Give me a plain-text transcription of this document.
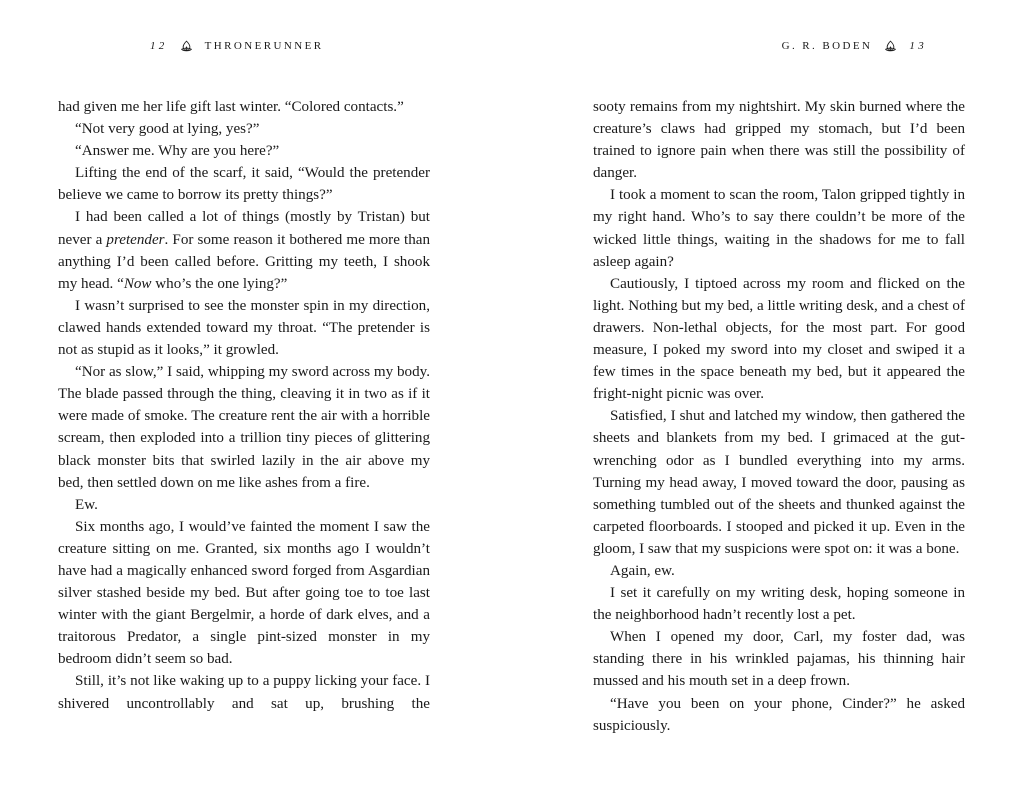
12	THRONERUNNER

had given me her life gift last winter. “Colored contacts.”

“Not very good at lying, yes?”

“Answer me. Why are you here?”

Lifting the end of the scarf, it said, “Would the pretender believe we came to borrow its pretty things?”

I had been called a lot of things (mostly by Tristan) but never a pretender. For some reason it bothered me more than anything I’d been called before. Gritting my teeth, I shook my head. “Now who’s the one lying?”

I wasn’t surprised to see the monster spin in my direction, clawed hands extended toward my throat. “The pretender is not as stupid as it looks,” it growled.

“Nor as slow,” I said, whipping my sword across my body. The blade passed through the thing, cleaving it in two as if it were made of smoke. The creature rent the air with a horrible scream, then exploded into a trillion tiny pieces of glittering black monster bits that swirled lazily in the air above my bed, then settled down on me like ashes from a fire.

Ew.

Six months ago, I would’ve fainted the moment I saw the creature sitting on me. Granted, six months ago I wouldn’t have had a magically enhanced sword forged from Asgardian silver stashed beside my bed. But after going toe to toe last winter with the giant Bergelmir, a horde of dark elves, and a traitorous Predator, a single pint-sized monster in my bedroom didn’t seem so bad.

Still, it’s not like waking up to a puppy licking your face. I shivered uncontrollably and sat up, brushing the

G. R. BODEN	13

sooty remains from my nightshirt. My skin burned where the creature’s claws had gripped my stomach, but I’d been trained to ignore pain when there was still the possibility of danger.

I took a moment to scan the room, Talon gripped tightly in my right hand. Who’s to say there couldn’t be more of the wicked little things, waiting in the shadows for me to fall asleep again?

Cautiously, I tiptoed across my room and flicked on the light. Nothing but my bed, a little writing desk, and a chest of drawers. Non-lethal objects, for the most part. For good measure, I poked my sword into my closet and swiped it a few times in the space beneath my bed, but it appeared the fright-night picnic was over.

Satisfied, I shut and latched my window, then gathered the sheets and blankets from my bed. I grimaced at the gut-wrenching odor as I bundled everything into my arms. Turning my head away, I moved toward the door, pausing as something tumbled out of the sheets and thunked against the carpeted floorboards. I stooped and picked it up. Even in the gloom, I saw that my suspicions were spot on: it was a bone.

Again, ew.

I set it carefully on my writing desk, hoping someone in the neighborhood hadn’t recently lost a pet.

When I opened my door, Carl, my foster dad, was standing there in his wrinkled pajamas, his thinning hair mussed and his mouth set in a deep frown.

“Have you been on your phone, Cinder?” he asked suspiciously.
